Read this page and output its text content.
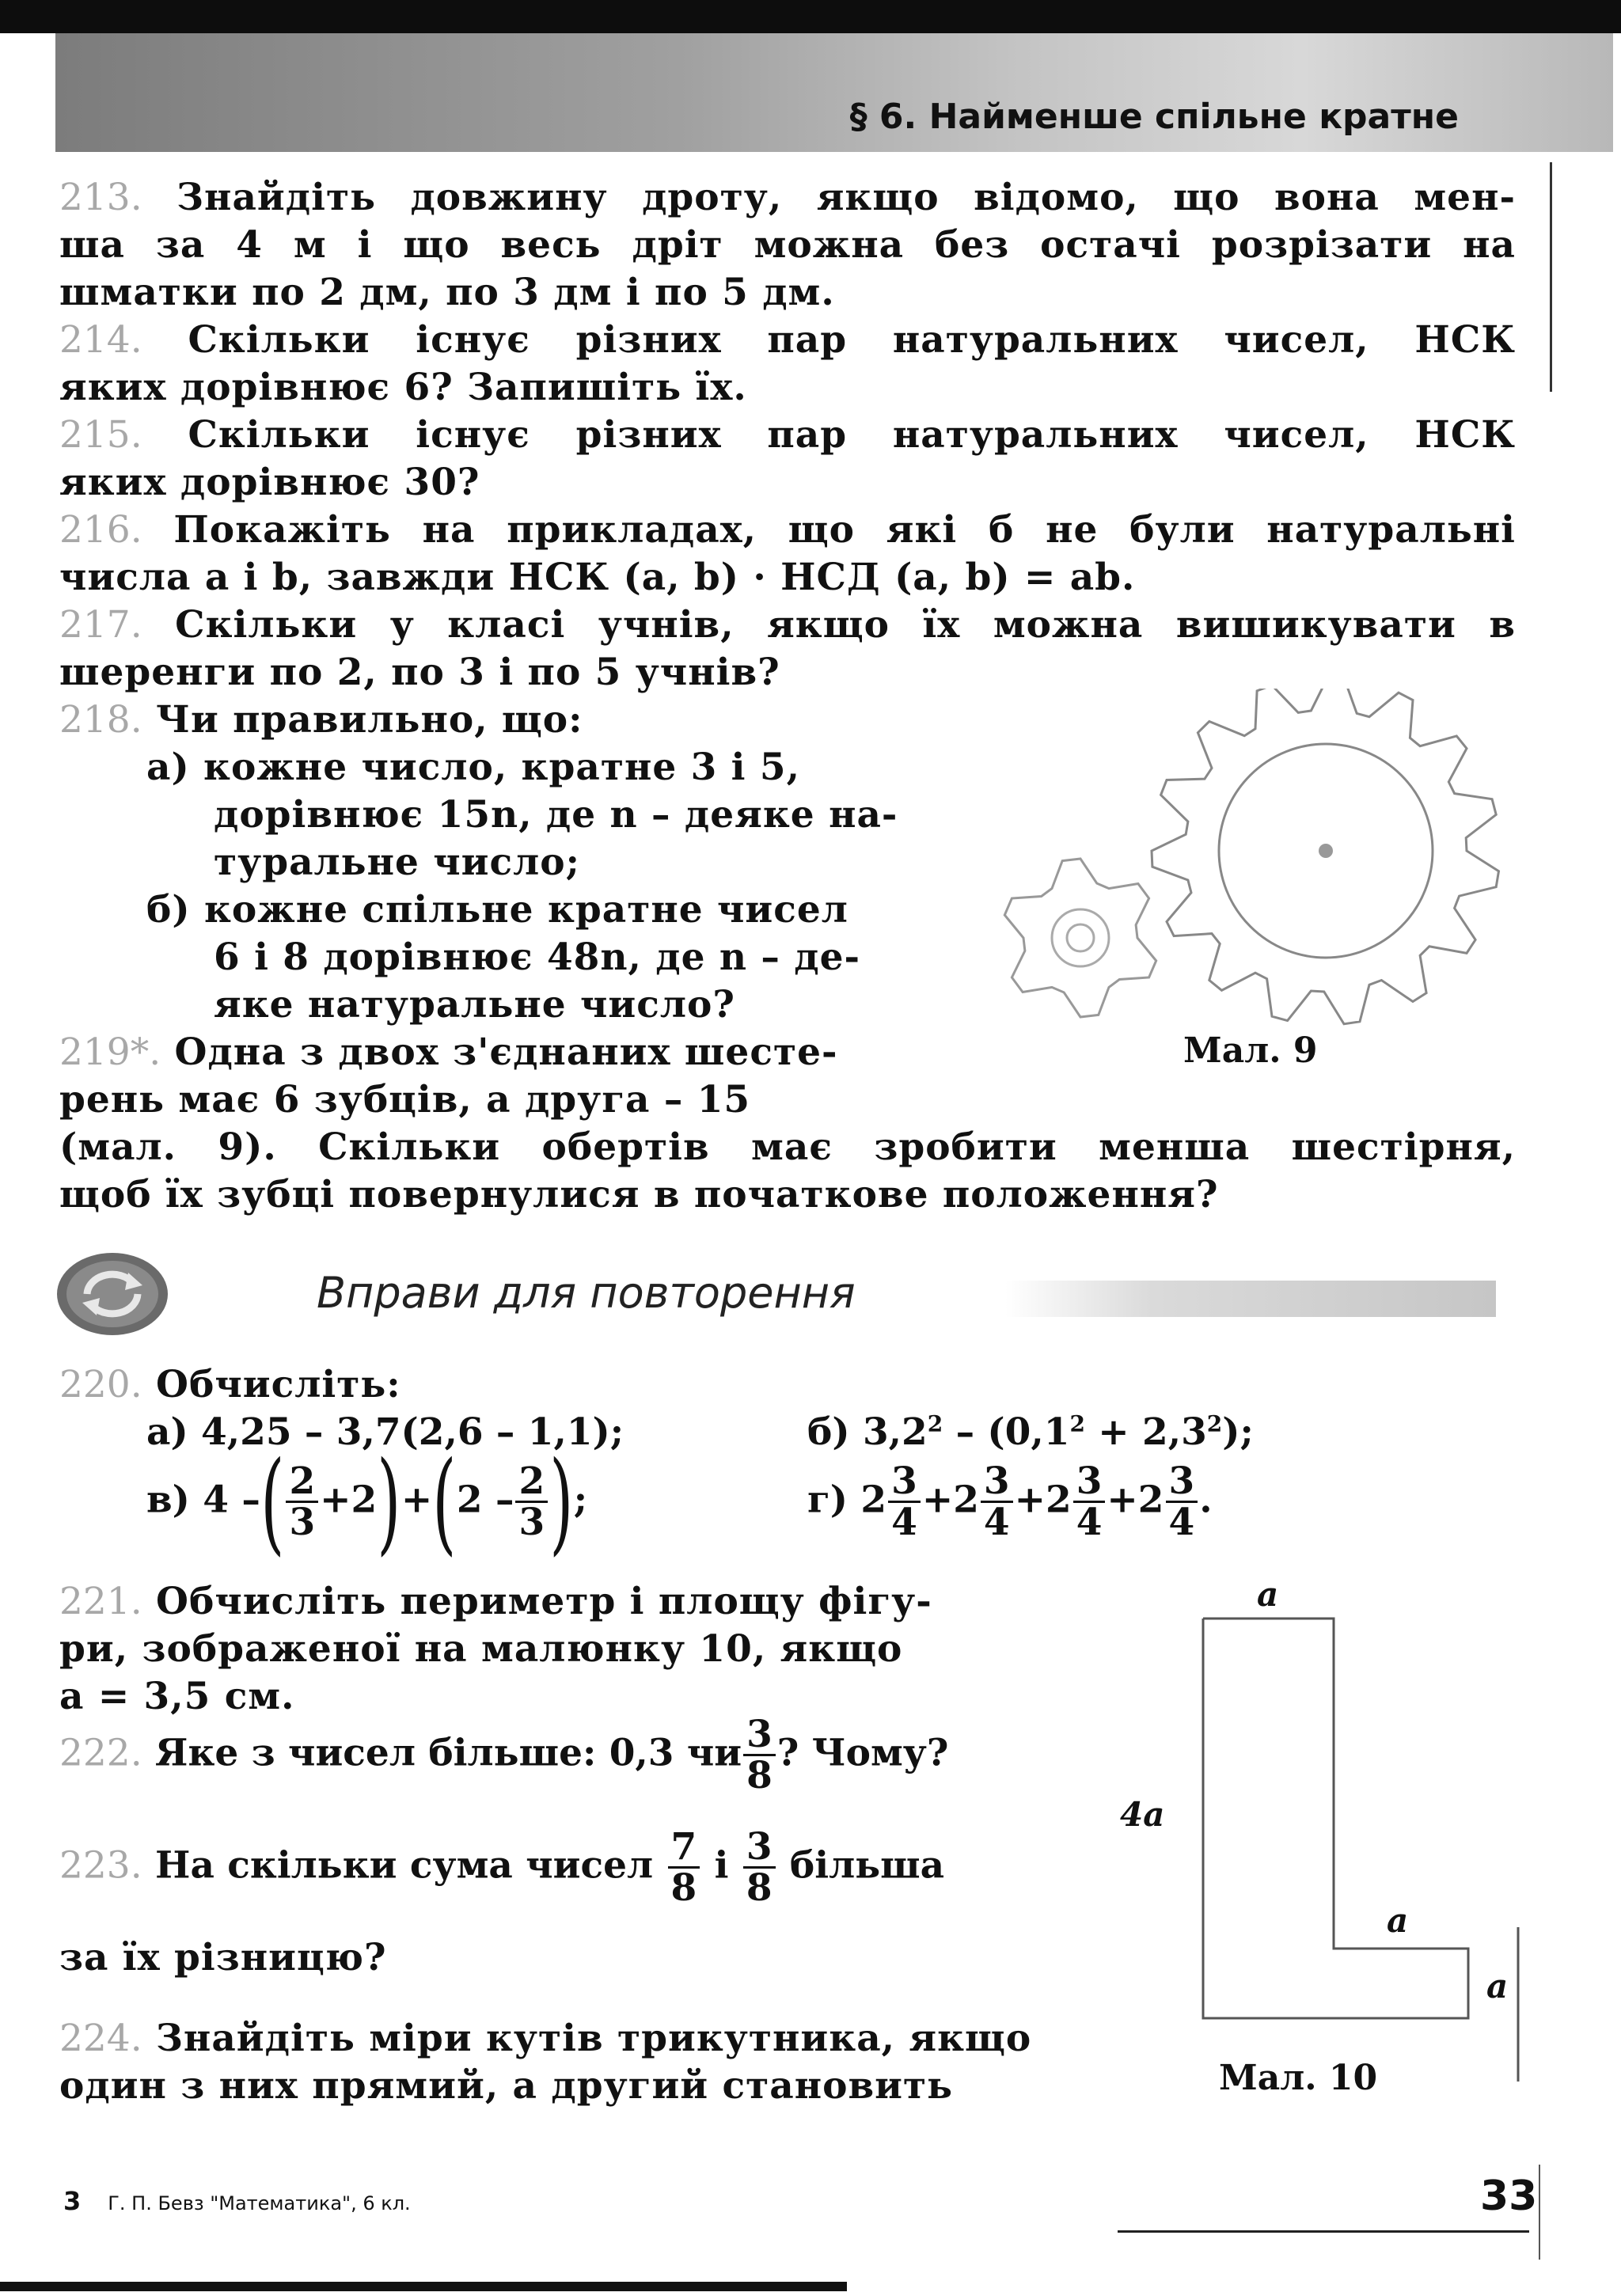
§ 6. Найменше спільне кратне
213. Знайдіть довжину дроту, якщо відомо, що вона мен-
ша за 4 м і що весь дріт можна без остачі розрізати на
шматки по 2 дм, по 3 дм і по 5 дм.
214. Скільки існує різних пар натуральних чисел, НСК
яких дорівнює 6? Запишіть їх.
215. Скільки існує різних пар натуральних чисел, НСК
яких дорівнює 30?
216. Покажіть на прикладах, що які б не були натуральні
числа a і b, завжди НСК (a, b) · НСД (a, b) = ab.
217. Скільки у класі учнів, якщо їх можна вишикувати в
шеренги по 2, по 3 і по 5 учнів?
218. Чи правильно, що:
а) кожне число, кратне 3 і 5,
дорівнює 15n, де n – деяке на-
туральне число;
б) кожне спільне кратне чисел
6 і 8 дорівнює 48n, де n – де-
яке натуральне число?
Мал. 9
219*. Одна з двох з'єднаних шесте-
рень має 6 зубців, а друга – 15
(мал. 9). Скільки обертів має зробити менша шестірня,
щоб їх зубці повернулися в початкове положення?
Вправи для повторення
220. Обчисліть:
а) 4,25 – 3,7(2,6 – 1,1);	б) $3,2^2 - (0,1^2 + 2,3^2)$;
в) 4 –( $\frac{2}{3} +2)+(2 - \frac{2}{3}$ );	г) $2 \frac{3}{4} +2 \frac{3}{4} +2 \frac{3}{4} +2 \frac{3}{4}$ .
221. Обчисліть периметр і площу фігу-
ри, зображеної на малюнку 10, якщо
a = 3,5 см.
222. Яке з чисел більше: 0,3 чи $\frac{3}{8}$ ? Чому?
223. На скільки сума чисел $\frac{7}{8}$ і $\frac{3}{8}$ більша
за їх різницю?
224. Знайдіть міри кутів трикутника, якщо
один з них прямий, а другий становить
a
4a
a
a
Мал. 10
3 Г. П. Бевз "Математика", 6 кл.	33
